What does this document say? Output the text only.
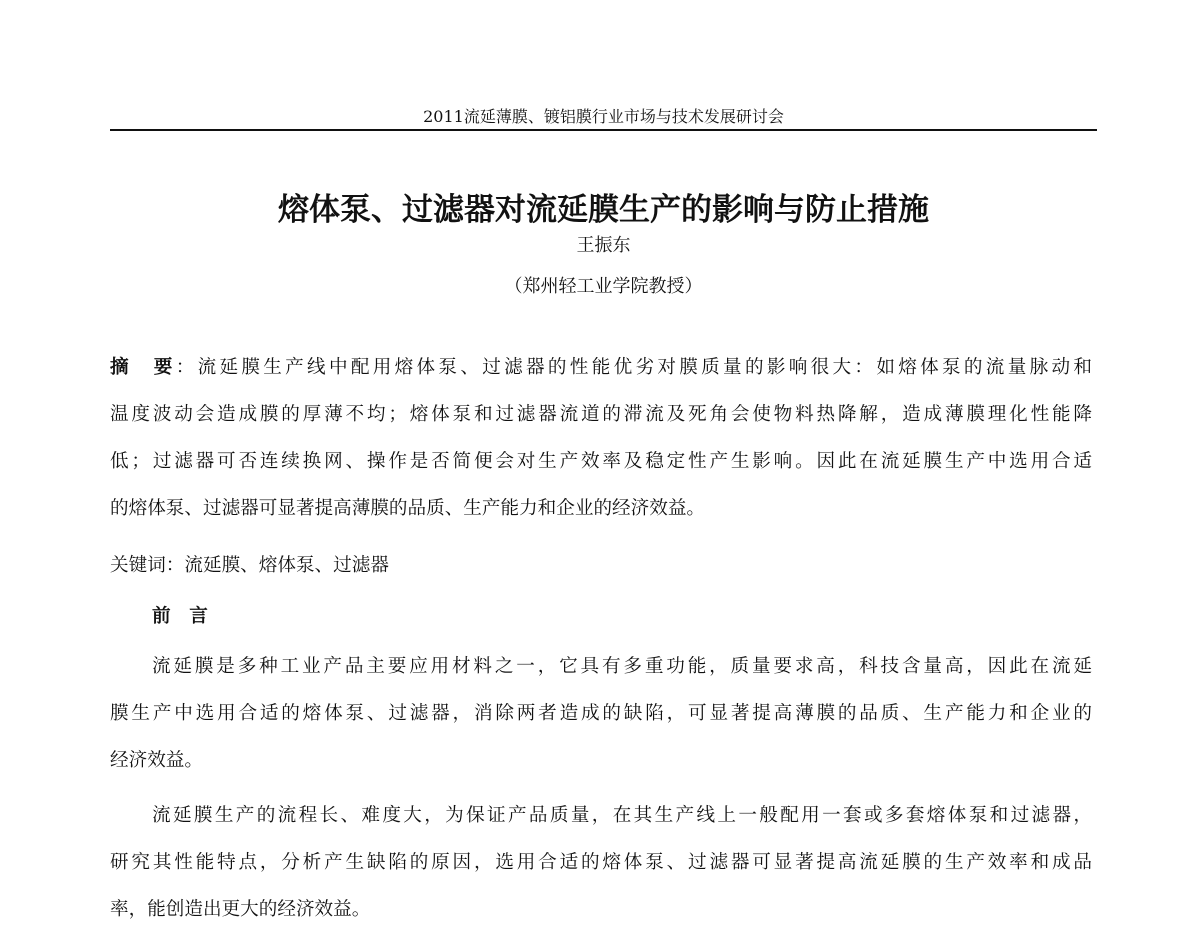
2011流延薄膜、镀铝膜行业市场与技术发展研讨会
熔体泵、过滤器对流延膜生产的影响与防止措施
王振东
（郑州轻工业学院教授）
摘　要：流延膜生产线中配用熔体泵、过滤器的性能优劣对膜质量的影响很大：如熔体泵的流量脉动和
温度波动会造成膜的厚薄不均；熔体泵和过滤器流道的滞流及死角会使物料热降解，造成薄膜理化性能降
低；过滤器可否连续换网、操作是否简便会对生产效率及稳定性产生影响。因此在流延膜生产中选用合适
的熔体泵、过滤器可显著提高薄膜的品质、生产能力和企业的经济效益。
关键词：流延膜、熔体泵、过滤器
前　言
流延膜是多种工业产品主要应用材料之一，它具有多重功能，质量要求高，科技含量高，因此在流延
膜生产中选用合适的熔体泵、过滤器，消除两者造成的缺陷，可显著提高薄膜的品质、生产能力和企业的
经济效益。
流延膜生产的流程长、难度大，为保证产品质量，在其生产线上一般配用一套或多套熔体泵和过滤器，
研究其性能特点，分析产生缺陷的原因，选用合适的熔体泵、过滤器可显著提高流延膜的生产效率和成品
率，能创造出更大的经济效益。
